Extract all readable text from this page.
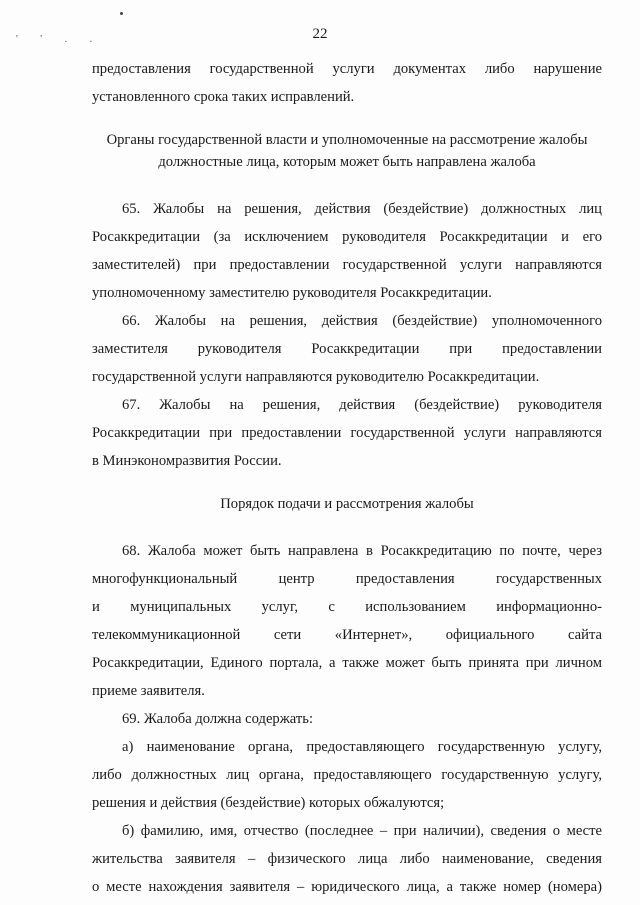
' ' . .	22
предоставления государственной услуги документах либо нарушение
установленного срока таких исправлений.
Органы государственной власти и уполномоченные на рассмотрение жалобы
должностные лица, которым может быть направлена жалоба
65. Жалобы на решения, действия (бездействие) должностных лиц
Росаккредитации (за исключением руководителя Росаккредитации и его
заместителей) при предоставлении государственной услуги направляются
уполномоченному заместителю руководителя Росаккредитации.
66. Жалобы на решения, действия (бездействие) уполномоченного
заместителя руководителя Росаккредитации при предоставлении
государственной услуги направляются руководителю Росаккредитации.
67. Жалобы на решения, действия (бездействие) руководителя
Росаккредитации при предоставлении государственной услуги направляются
в Минэкономразвития России.
Порядок подачи и рассмотрения жалобы
68. Жалоба может быть направлена в Росаккредитацию по почте, через
многофункциональный центр предоставления государственных
и муниципальных услуг, с использованием информационно-
телекоммуникационной сети «Интернет», официального сайта
Росаккредитации, Единого портала, а также может быть принята при личном
приеме заявителя.
69. Жалоба должна содержать:
а) наименование органа, предоставляющего государственную услугу,
либо должностных лиц органа, предоставляющего государственную услугу,
решения и действия (бездействие) которых обжалуются;
б) фамилию, имя, отчество (последнее – при наличии), сведения о месте
жительства заявителя – физического лица либо наименование, сведения
о месте нахождения заявителя – юридического лица, а также номер (номера)
